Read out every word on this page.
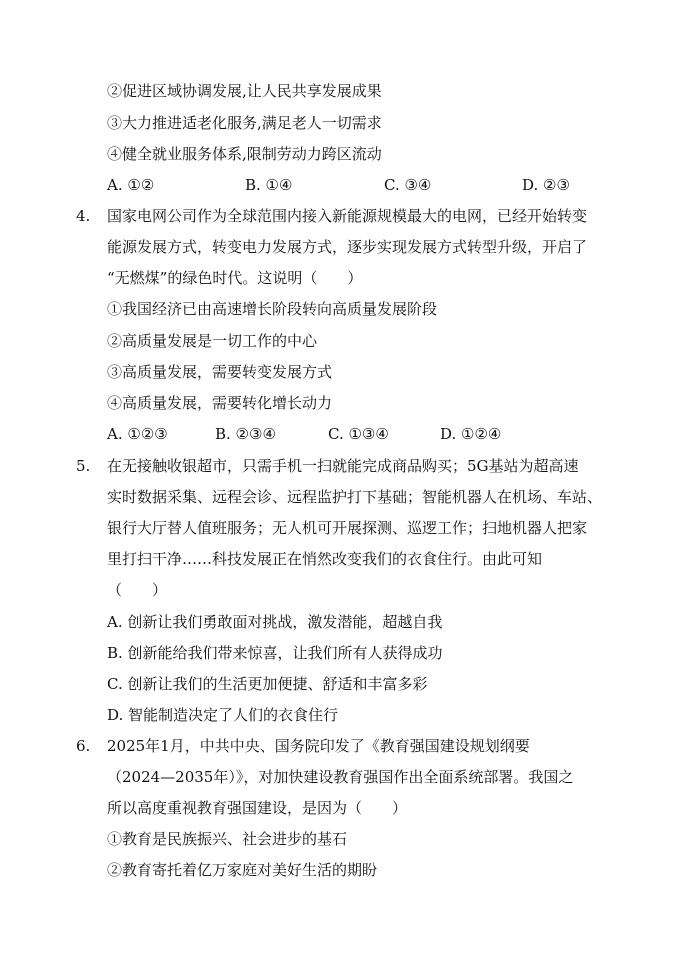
②促进区域协调发展,让人民共享发展成果
③大力推进适老化服务,满足老人一切需求
④健全就业服务体系,限制劳动力跨区流动
A. ①②	B. ①④	C. ③④	D. ②③
4. 国家电网公司作为全球范围内接入新能源规模最大的电网，已经开始转变
能源发展方式，转变电力发展方式，逐步实现发展方式转型升级，开启了
“无燃煤”的绿色时代。这说明（　　）
①我国经济已由高速增长阶段转向高质量发展阶段
②高质量发展是一切工作的中心
③高质量发展，需要转变发展方式
④高质量发展，需要转化增长动力
A. ①②③	B. ②③④	C. ①③④	D. ①②④
5. 在无接触收银超市，只需手机一扫就能完成商品购买；5G基站为超高速
实时数据采集、远程会诊、远程监护打下基础；智能机器人在机场、车站、
银行大厅替人值班服务；无人机可开展探测、巡逻工作；扫地机器人把家
里打扫干净……科技发展正在悄然改变我们的衣食住行。由此可知
（　　）
A. 创新让我们勇敢面对挑战，激发潜能，超越自我
B. 创新能给我们带来惊喜，让我们所有人获得成功
C. 创新让我们的生活更加便捷、舒适和丰富多彩
D. 智能制造决定了人们的衣食住行
6. 2025年1月，中共中央、国务院印发了《教育强国建设规划纲要
（2024—2035年）》，对加快建设教育强国作出全面系统部署。我国之
所以高度重视教育强国建设，是因为（　　）
①教育是民族振兴、社会进步的基石
②教育寄托着亿万家庭对美好生活的期盼
